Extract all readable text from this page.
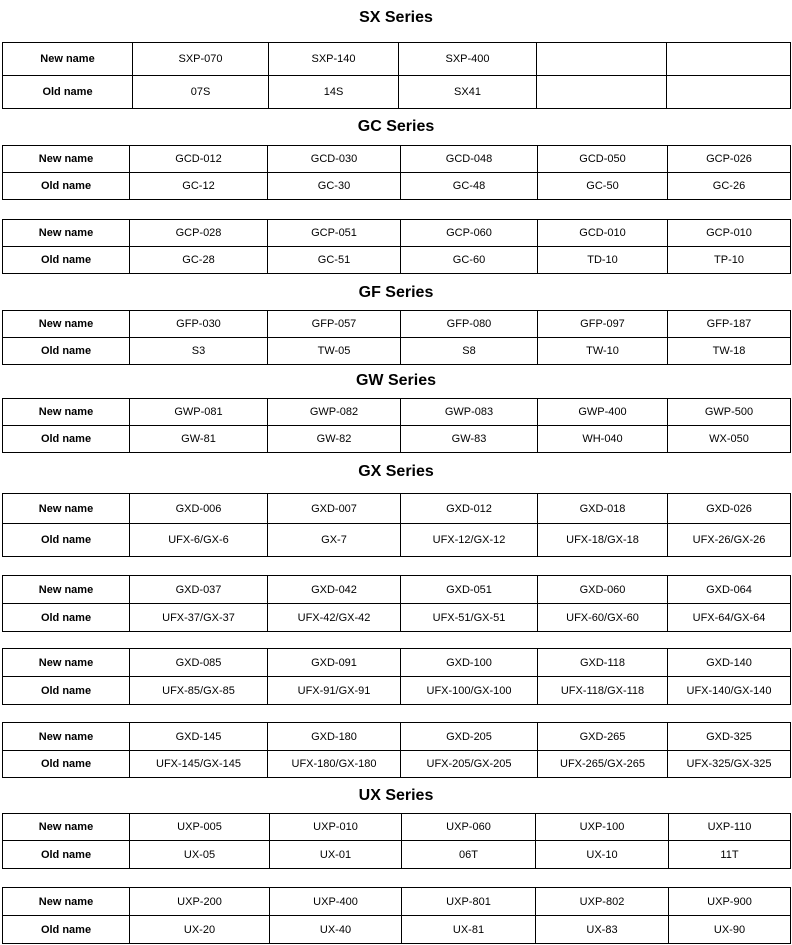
SX Series
New name	SXP-070	SXP-140	SXP-400		
Old name	07S	14S	SX41		
GC Series
New name	GCD-012	GCD-030	GCD-048	GCD-050	GCP-026
Old name	GC-12	GC-30	GC-48	GC-50	GC-26
New name	GCP-028	GCP-051	GCP-060	GCD-010	GCP-010
Old name	GC-28	GC-51	GC-60	TD-10	TP-10
GF Series
New name	GFP-030	GFP-057	GFP-080	GFP-097	GFP-187
Old name	S3	TW-05	S8	TW-10	TW-18
GW Series
New name	GWP-081	GWP-082	GWP-083	GWP-400	GWP-500
Old name	GW-81	GW-82	GW-83	WH-040	WX-050
GX Series
New name	GXD-006	GXD-007	GXD-012	GXD-018	GXD-026
Old name	UFX-6/GX-6	GX-7	UFX-12/GX-12	UFX-18/GX-18	UFX-26/GX-26
New name	GXD-037	GXD-042	GXD-051	GXD-060	GXD-064
Old name	UFX-37/GX-37	UFX-42/GX-42	UFX-51/GX-51	UFX-60/GX-60	UFX-64/GX-64
New name	GXD-085	GXD-091	GXD-100	GXD-118	GXD-140
Old name	UFX-85/GX-85	UFX-91/GX-91	UFX-100/GX-100	UFX-118/GX-118	UFX-140/GX-140
New name	GXD-145	GXD-180	GXD-205	GXD-265	GXD-325
Old name	UFX-145/GX-145	UFX-180/GX-180	UFX-205/GX-205	UFX-265/GX-265	UFX-325/GX-325
UX Series
New name	UXP-005	UXP-010	UXP-060	UXP-100	UXP-110
Old name	UX-05	UX-01	06T	UX-10	11T
New name	UXP-200	UXP-400	UXP-801	UXP-802	UXP-900
Old name	UX-20	UX-40	UX-81	UX-83	UX-90
